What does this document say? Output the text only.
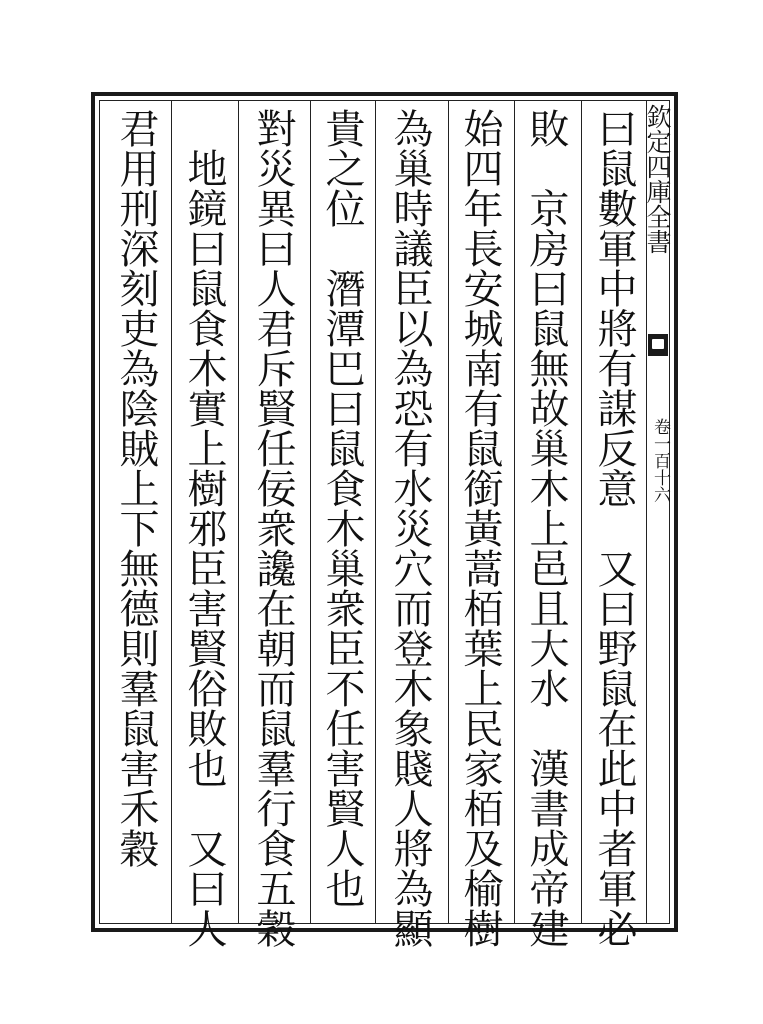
欽定四庫全書
卷一百十六
曰鼠數軍中將有謀反意　又曰野鼠在此中者軍必
敗　京房曰鼠無故巢木上邑且大水　漢書成帝建
始四年長安城南有鼠銜黃蒿栢葉上民家栢及榆樹
為巢時議臣以為恐有水災穴而登木象賤人將為顯
貴之位　潛潭巴曰鼠食木巢衆臣不任害賢人也
對災異曰人君斥賢任佞衆讒在朝而鼠羣行食五穀
　地鏡曰鼠食木實上樹邪臣害賢俗敗也　又曰人
君用刑深刻吏為陰賊上下無德則羣鼠害禾穀
